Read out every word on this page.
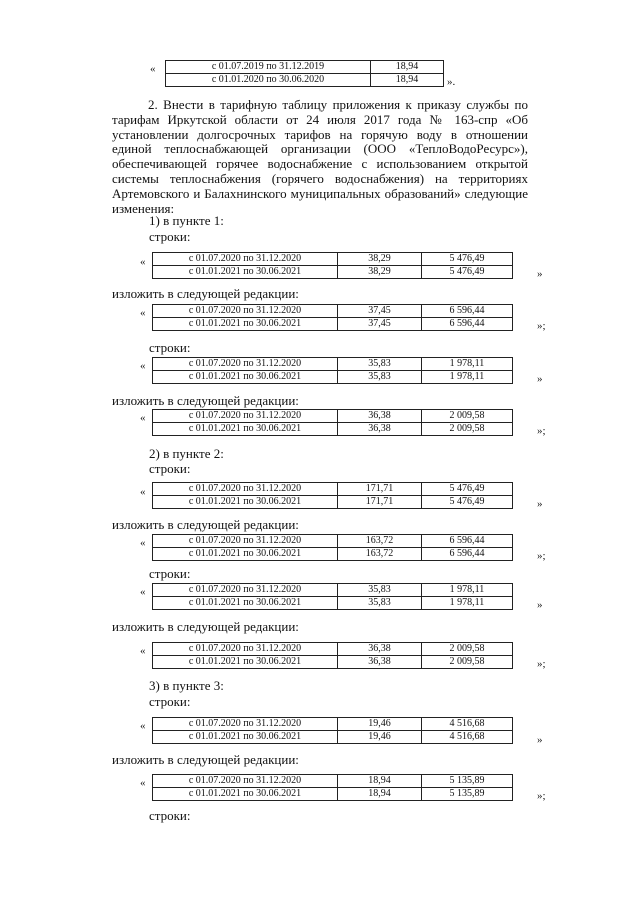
«	с 01.07.2019 по 31.12.2019	18,94
с 01.01.2020 по 30.06.2020	18,94	».
2. Внести в тарифную таблицу приложения к приказу службы по тарифам Иркутской области от 24 июля 2017 года № 163-спр «Об установлении долгосрочных тарифов на горячую воду в отношении единой теплоснабжающей организации (ООО «ТеплоВодоРесурс»), обеспечивающей горячее водоснабжение с использованием открытой системы теплоснабжения (горячего водоснабжения) на территориях Артемовского и Балахнинского муниципальных образований» следующие изменения:
1) в пункте 1:
строки:
«	с 01.07.2020 по 31.12.2020	38,29	5 476,49
с 01.01.2021 по 30.06.2021	38,29	5 476,49	»
изложить в следующей редакции:
«	с 01.07.2020 по 31.12.2020	37,45	6 596,44
с 01.01.2021 по 30.06.2021	37,45	6 596,44	»;
строки:
«	с 01.07.2020 по 31.12.2020	35,83	1 978,11
с 01.01.2021 по 30.06.2021	35,83	1 978,11	»
изложить в следующей редакции:
«	с 01.07.2020 по 31.12.2020	36,38	2 009,58
с 01.01.2021 по 30.06.2021	36,38	2 009,58	»;
2) в пункте 2:
строки:
«	с 01.07.2020 по 31.12.2020	171,71	5 476,49
с 01.01.2021 по 30.06.2021	171,71	5 476,49	»
изложить в следующей редакции:
«	с 01.07.2020 по 31.12.2020	163,72	6 596,44
с 01.01.2021 по 30.06.2021	163,72	6 596,44	»;
строки:
«	с 01.07.2020 по 31.12.2020	35,83	1 978,11
с 01.01.2021 по 30.06.2021	35,83	1 978,11	»
изложить в следующей редакции:
«	с 01.07.2020 по 31.12.2020	36,38	2 009,58
с 01.01.2021 по 30.06.2021	36,38	2 009,58	»;
3) в пункте 3:
строки:
«	с 01.07.2020 по 31.12.2020	19,46	4 516,68
с 01.01.2021 по 30.06.2021	19,46	4 516,68	»
изложить в следующей редакции:
«	с 01.07.2020 по 31.12.2020	18,94	5 135,89
с 01.01.2021 по 30.06.2021	18,94	5 135,89	»;
строки:
